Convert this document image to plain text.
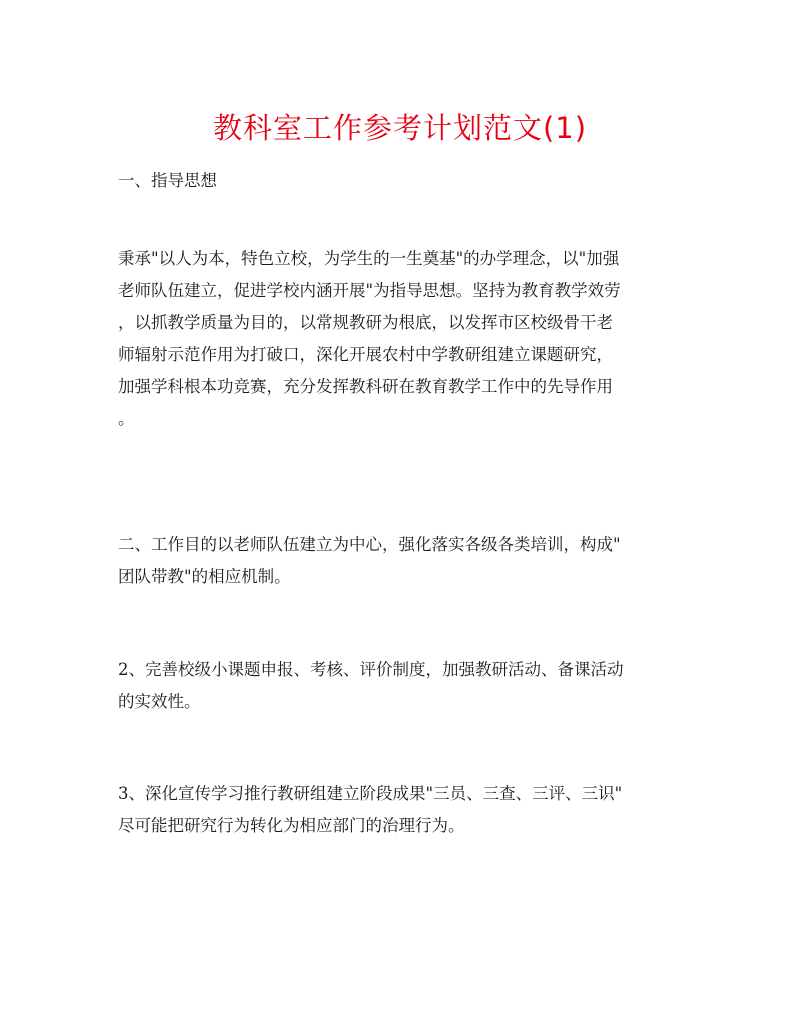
教科室工作参考计划范文(1)
一、指导思想
秉承"以人为本，特色立校，为学生的一生奠基"的办学理念，以"加强
老师队伍建立，促进学校内涵开展"为指导思想。坚持为教育教学效劳
，以抓教学质量为目的，以常规教研为根底，以发挥市区校级骨干老
师辐射示范作用为打破口，深化开展农村中学教研组建立课题研究，
加强学科根本功竞赛，充分发挥教科研在教育教学工作中的先导作用
。
二、工作目的以老师队伍建立为中心，强化落实各级各类培训，构成"
团队带教"的相应机制。
2、完善校级小课题申报、考核、评价制度，加强教研活动、备课活动
的实效性。
3、深化宣传学习推行教研组建立阶段成果"三员、三查、三评、三识"
尽可能把研究行为转化为相应部门的治理行为。
